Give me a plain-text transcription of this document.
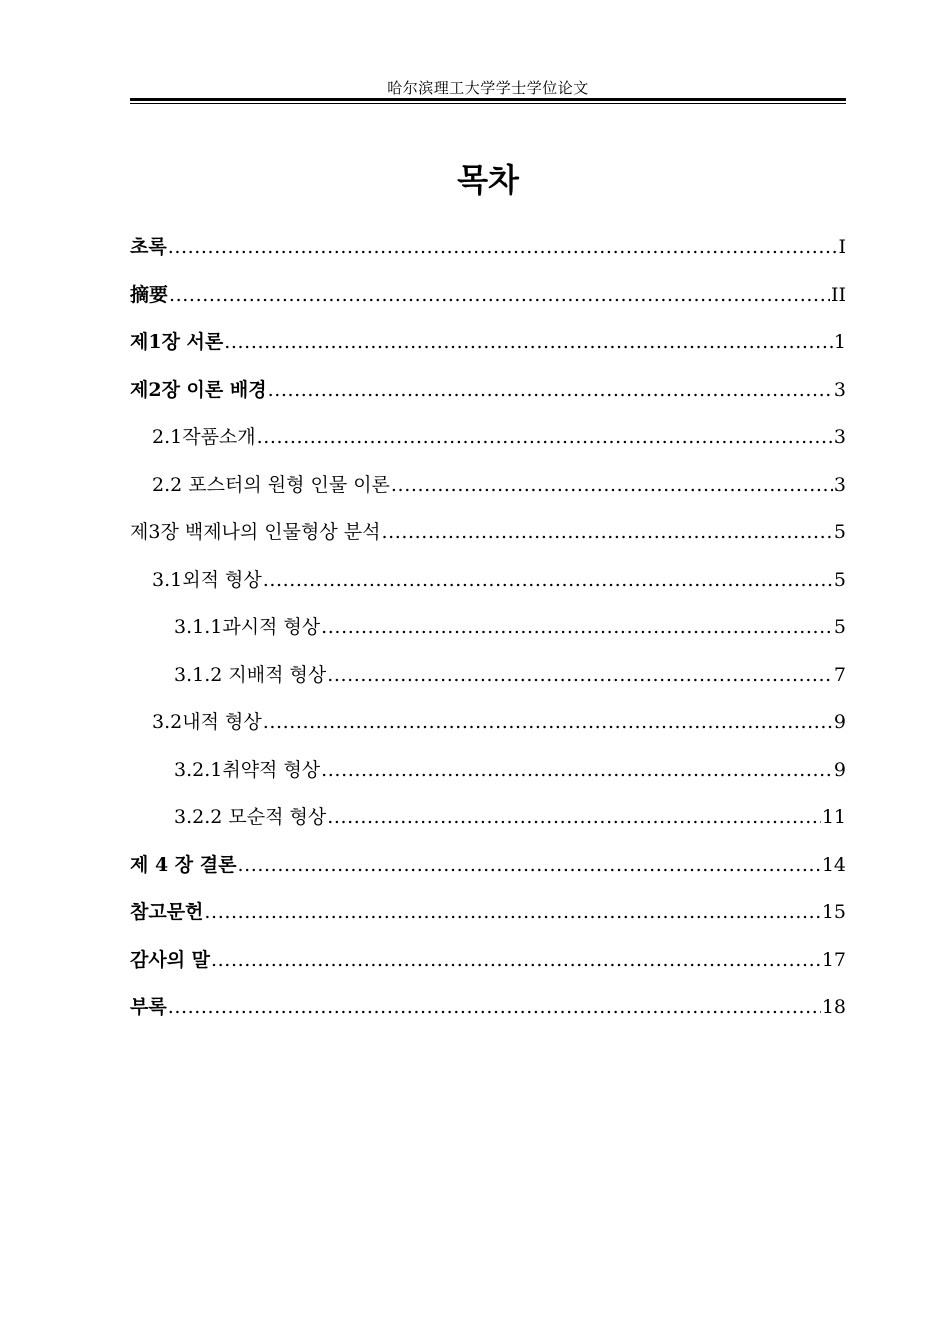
哈尔滨理工大学学士学位论文
목차
초록 .....	I
摘要 .....	II
제1장 서론 .....	1
제2장 이론 배경 .....	3
2.1작품소개 .....	3
2.2 포스터의 원형 인물 이론 .....	3
제3장 백제나의 인물형상 분석 .....	5
3.1외적 형상 .....	5
3.1.1과시적 형상 .....	5
3.1.2 지배적 형상 .....	7
3.2내적 형상 .....	9
3.2.1취약적 형상 .....	9
3.2.2 모순적 형상 .....	11
제 4 장 결론 .....	14
참고문헌 .....	15
감사의 말 .....	17
부록 .....	18
